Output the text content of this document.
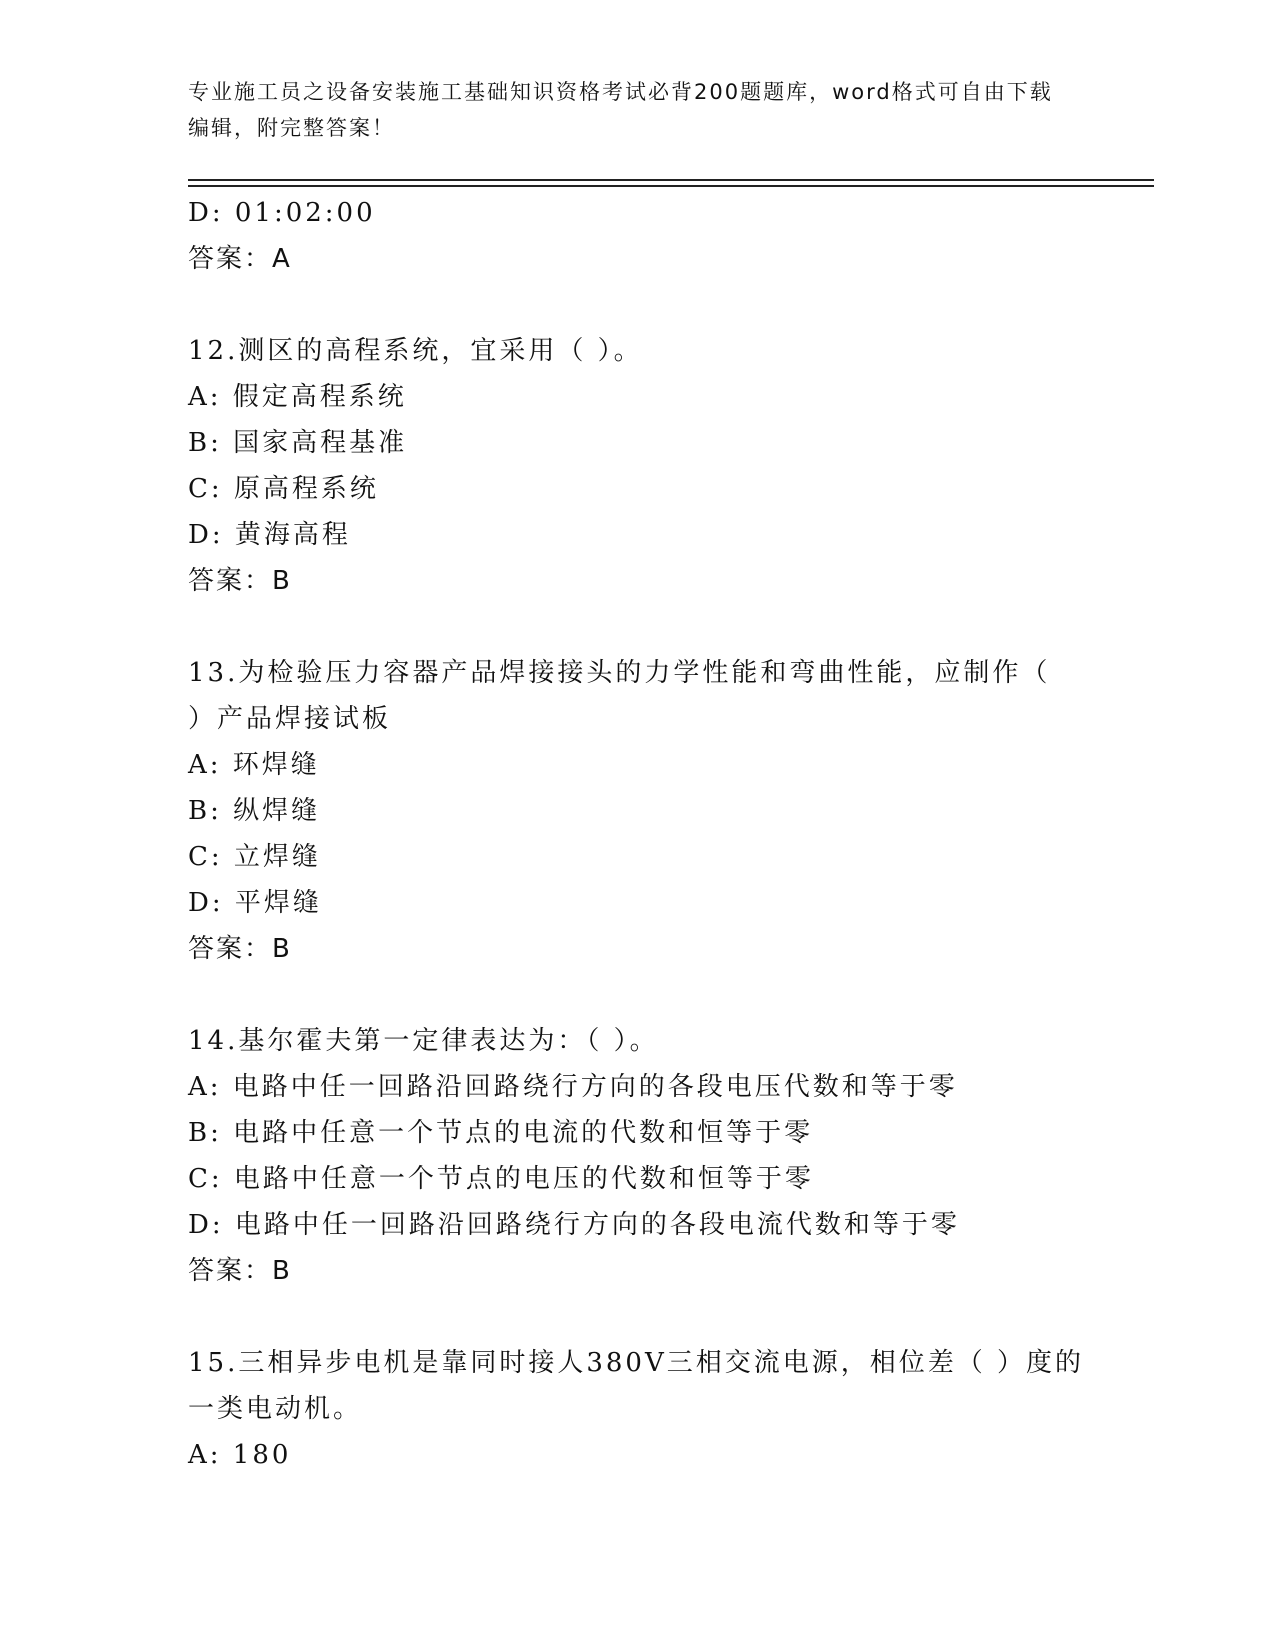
专业施工员之设备安装施工基础知识资格考试必背200题题库，word格式可自由下载编辑，附完整答案！
D: 01:02:00
答案：A
12.测区的高程系统，宜采用（ ）。
A: 假定高程系统
B: 国家高程基准
C: 原高程系统
D: 黄海高程
答案：B
13.为检验压力容器产品焊接接头的力学性能和弯曲性能，应制作（
）产品焊接试板
A: 环焊缝
B: 纵焊缝
C: 立焊缝
D: 平焊缝
答案：B
14.基尔霍夫第一定律表达为：（ ）。
A: 电路中任一回路沿回路绕行方向的各段电压代数和等于零
B: 电路中任意一个节点的电流的代数和恒等于零
C: 电路中任意一个节点的电压的代数和恒等于零
D: 电路中任一回路沿回路绕行方向的各段电流代数和等于零
答案：B
15.三相异步电机是靠同时接人380V三相交流电源，相位差（ ）度的
一类电动机。
A: 180
